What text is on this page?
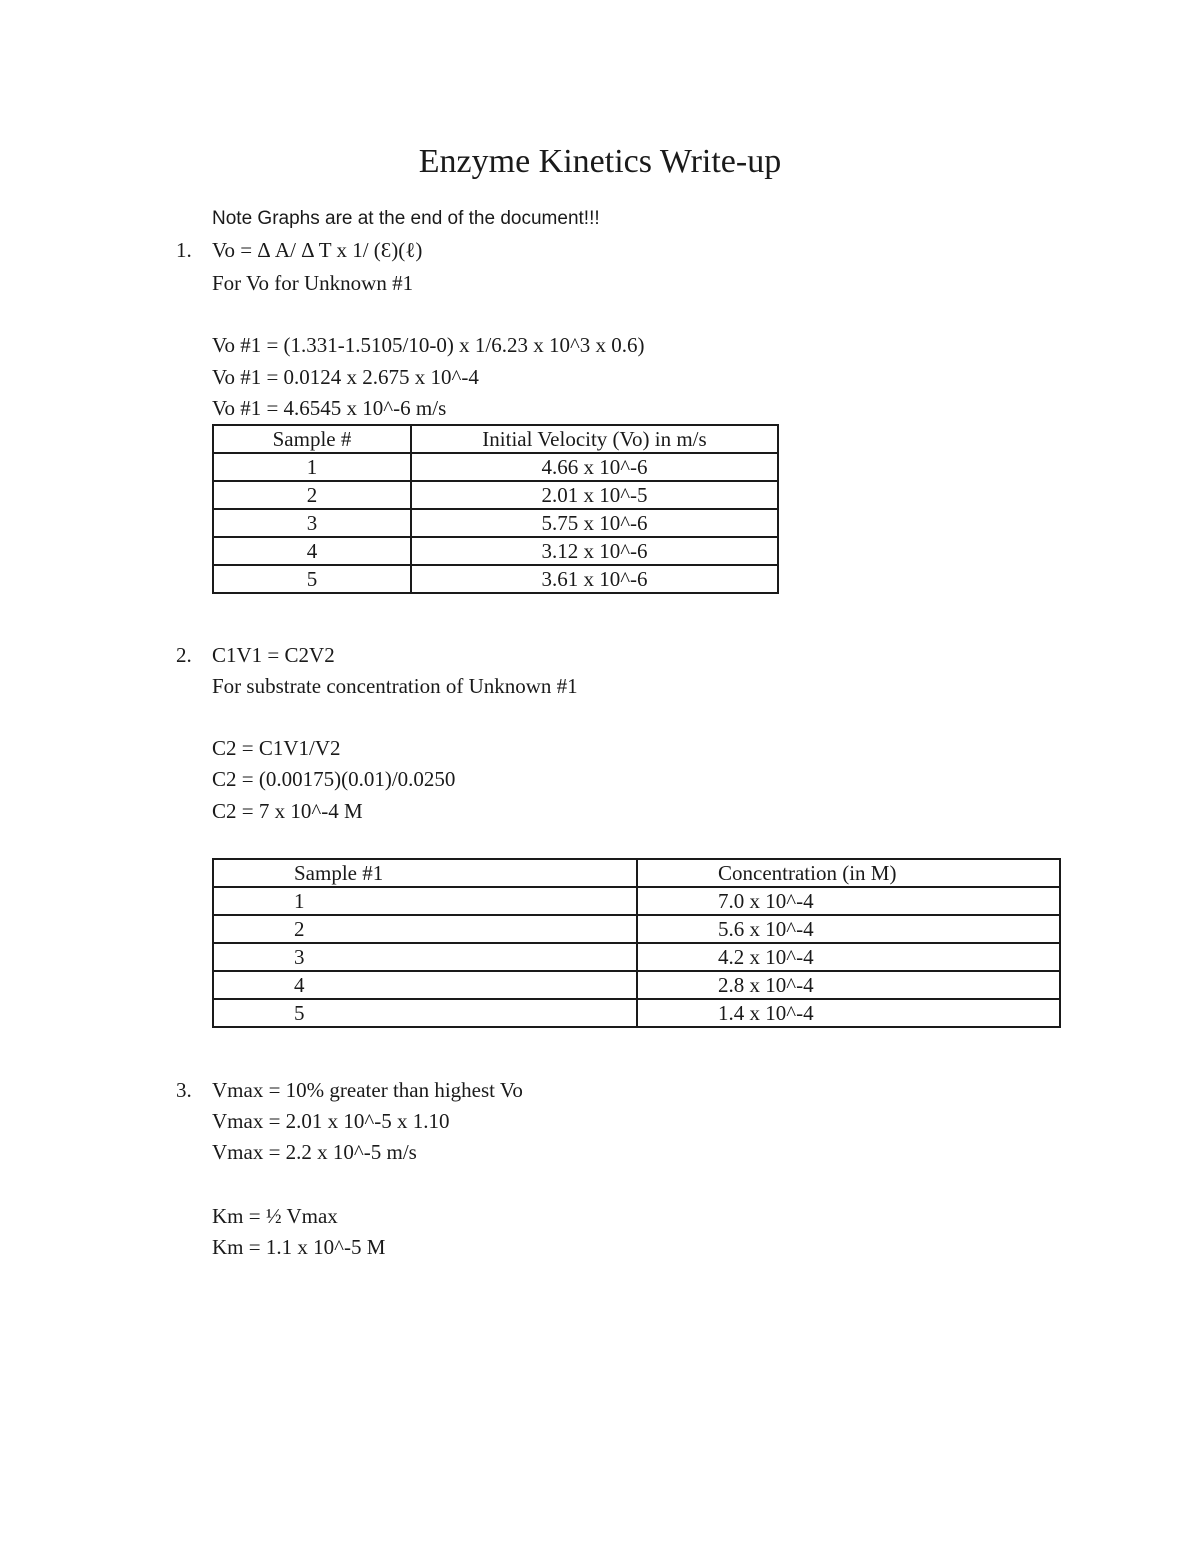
Enzyme Kinetics Write-up
Note Graphs are at the end of the document!!!
1. Vo = Δ A/ Δ T x 1/ (Ɛ)(ℓ)
For Vo for Unknown #1
Vo #1 = (1.331-1.5105/10-0) x 1/6.23 x 10^3 x 0.6)
Vo #1 = 0.0124 x 2.675 x 10^-4
Vo #1 = 4.6545 x 10^-6 m/s
Sample #	Initial Velocity (Vo) in m/s
1	4.66 x 10^-6
2	2.01 x 10^-5
3	5.75 x 10^-6
4	3.12 x 10^-6
5	3.61 x 10^-6
2. C1V1 = C2V2
For substrate concentration of Unknown #1
C2 = C1V1/V2
C2 = (0.00175)(0.01)/0.0250
C2 = 7 x 10^-4 M
Sample #1	Concentration (in M)
1	7.0 x 10^-4
2	5.6 x 10^-4
3	4.2 x 10^-4
4	2.8 x 10^-4
5	1.4 x 10^-4
3. Vmax = 10% greater than highest Vo
Vmax = 2.01 x 10^-5 x 1.10
Vmax = 2.2 x 10^-5 m/s
Km = ½ Vmax
Km = 1.1 x 10^-5 M
